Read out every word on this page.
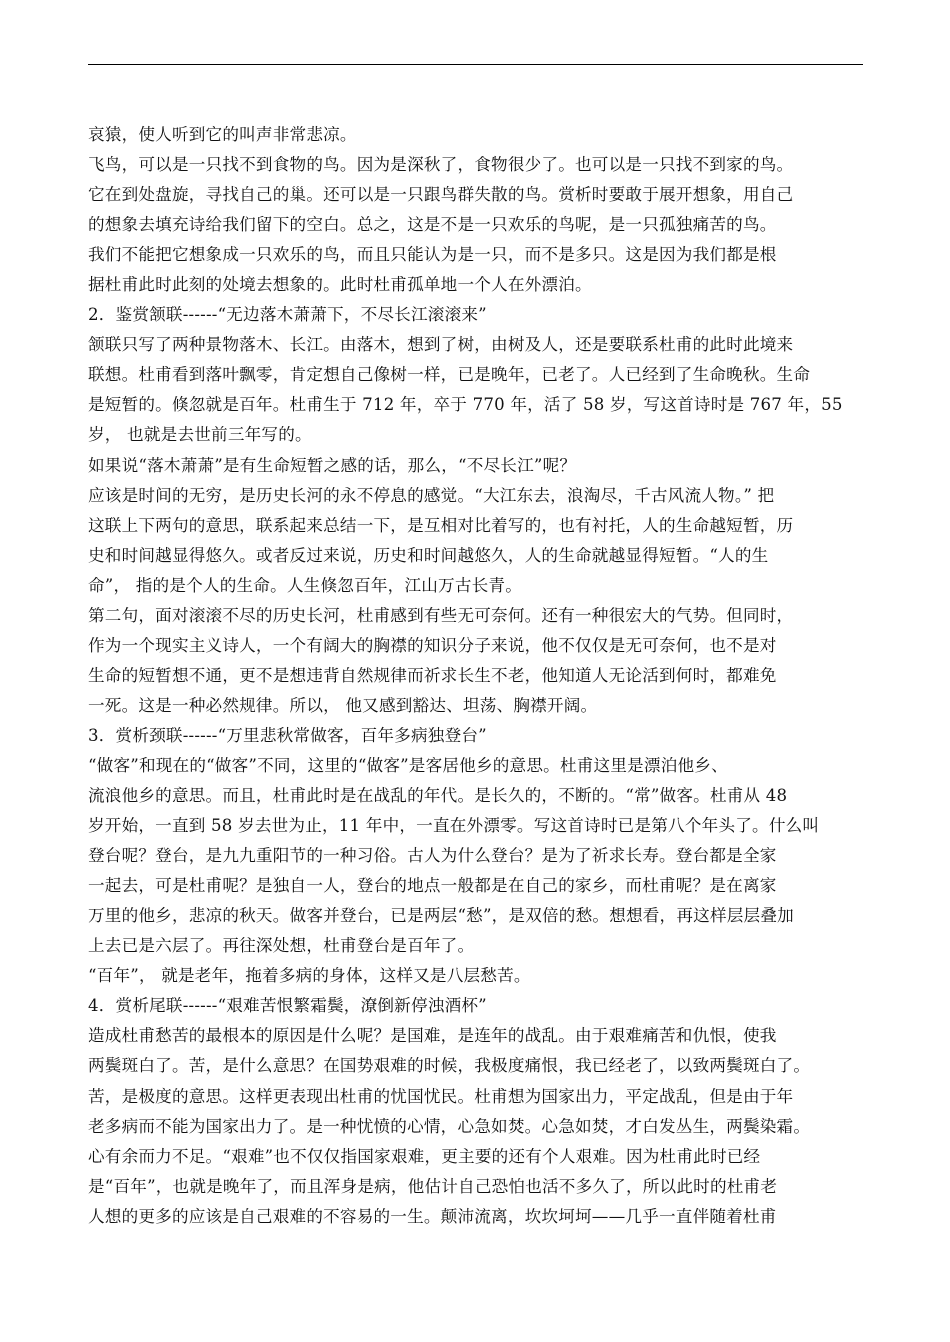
哀猿，使人听到它的叫声非常悲凉。

飞鸟，可以是一只找不到食物的鸟。因为是深秋了，食物很少了。也可以是一只找不到家的鸟。
它在到处盘旋，寻找自己的巢。还可以是一只跟鸟群失散的鸟。赏析时要敢于展开想象，用自己
的想象去填充诗给我们留下的空白。总之，这是不是一只欢乐的鸟呢，是一只孤独痛苦的鸟。
我们不能把它想象成一只欢乐的鸟，而且只能认为是一只，而不是多只。这是因为我们都是根
据杜甫此时此刻的处境去想象的。此时杜甫孤单地一个人在外漂泊。

2．鉴赏颔联------“无边落木萧萧下，不尽长江滚滚来”

颔联只写了两种景物落木、长江。由落木，想到了树，由树及人，还是要联系杜甫的此时此境来
联想。杜甫看到落叶飘零，肯定想自己像树一样，已是晚年，已老了。人已经到了生命晚秋。生命
是短暂的。倏忽就是百年。杜甫生于 712 年，卒于 770 年，活了 58 岁，写这首诗时是 767 年，55
岁， 也就是去世前三年写的。

如果说“落木萧萧”是有生命短暂之感的话，那么，“不尽长江”呢？

应该是时间的无穷，是历史长河的永不停息的感觉。“大江东去，浪淘尽，千古风流人物。” 把
这联上下两句的意思，联系起来总结一下，是互相对比着写的，也有衬托，人的生命越短暂，历
史和时间越显得悠久。或者反过来说，历史和时间越悠久，人的生命就越显得短暂。“人的生
命”， 指的是个人的生命。人生倏忽百年，江山万古长青。

第二句，面对滚滚不尽的历史长河，杜甫感到有些无可奈何。还有一种很宏大的气势。但同时，
作为一个现实主义诗人，一个有阔大的胸襟的知识分子来说，他不仅仅是无可奈何，也不是对
生命的短暂想不通，更不是想违背自然规律而祈求长生不老，他知道人无论活到何时，都难免
一死。这是一种必然规律。所以， 他又感到豁达、坦荡、胸襟开阔。

3．赏析颈联------“万里悲秋常做客，百年多病独登台”

“做客”和现在的“做客”不同，这里的“做客”是客居他乡的意思。杜甫这里是漂泊他乡、
流浪他乡的意思。而且，杜甫此时是在战乱的年代。是长久的，不断的。“常”做客。杜甫从 48
岁开始，一直到 58 岁去世为止，11 年中，一直在外漂零。写这首诗时已是第八个年头了。什么叫
登台呢？登台，是九九重阳节的一种习俗。古人为什么登台？是为了祈求长寿。登台都是全家
一起去，可是杜甫呢？是独自一人，登台的地点一般都是在自己的家乡，而杜甫呢？是在离家
万里的他乡，悲凉的秋天。做客并登台，已是两层“愁”，是双倍的愁。想想看，再这样层层叠加
上去已是六层了。再往深处想，杜甫登台是百年了。

“百年”， 就是老年，拖着多病的身体，这样又是八层愁苦。

4．赏析尾联------“艰难苦恨繁霜鬓，潦倒新停浊酒杯”

造成杜甫愁苦的最根本的原因是什么呢？是国难，是连年的战乱。由于艰难痛苦和仇恨，使我
两鬓斑白了。苦，是什么意思？在国势艰难的时候，我极度痛恨，我已经老了，以致两鬓斑白了。
苦，是极度的意思。这样更表现出杜甫的忧国忧民。杜甫想为国家出力，平定战乱，但是由于年
老多病而不能为国家出力了。是一种忧愤的心情，心急如焚。心急如焚，才白发丛生，两鬓染霜。
心有余而力不足。“艰难”也不仅仅指国家艰难，更主要的还有个人艰难。因为杜甫此时已经
是“百年”，也就是晚年了，而且浑身是病，他估计自己恐怕也活不多久了，所以此时的杜甫老
人想的更多的应该是自己艰难的不容易的一生。颠沛流离，坎坎坷坷——几乎一直伴随着杜甫
